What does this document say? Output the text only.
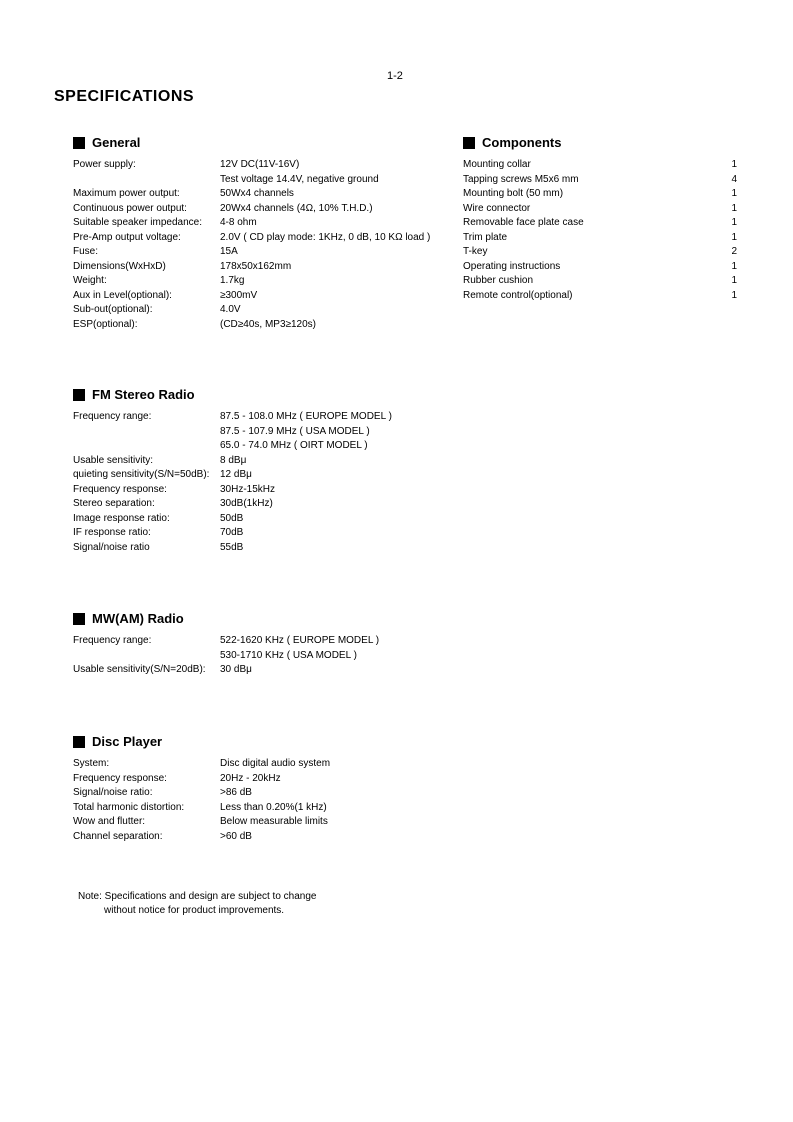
1-2
SPECIFICATIONS
General
Power supply:	12V DC(11V-16V)
Test voltage 14.4V, negative ground
Maximum power output:	50Wx4 channels
Continuous power output:	20Wx4 channels (4Ω, 10% T.H.D.)
Suitable speaker impedance: 4-8 ohm
Pre-Amp output voltage:	2.0V ( CD play mode: 1KHz, 0 dB, 10 KΩ load )
Fuse:	15A
Dimensions(WxHxD)	178x50x162mm
Weight:	1.7kg
Aux in Level(optional):	≥300mV
Sub-out(optional):	4.0V
ESP(optional):	(CD≥40s, MP3≥120s)
Components
Mounting collar	1
Tapping screws M5x6 mm	4
Mounting bolt (50 mm)	1
Wire connector	1
Removable face plate case	1
Trim plate	1
T-key	2
Operating instructions	1
Rubber cushion	1
Remote control(optional)	1
FM Stereo Radio
Frequency range:	87.5 - 108.0 MHz ( EUROPE MODEL )
87.5 - 107.9 MHz ( USA MODEL )
65.0 - 74.0 MHz ( OIRT MODEL )
Usable sensitivity:	8 dBμ
quieting sensitivity(S/N=50dB): 12 dBμ
Frequency response:	30Hz-15kHz
Stereo separation:	30dB(1kHz)
Image response ratio:	50dB
IF response ratio:	70dB
Signal/noise ratio	55dB
MW(AM) Radio
Frequency range:	522-1620 KHz ( EUROPE MODEL )
530-1710 KHz ( USA MODEL )
Usable sensitivity(S/N=20dB): 30 dBμ
Disc Player
System:	Disc digital audio system
Frequency response:	20Hz - 20kHz
Signal/noise ratio:	>86 dB
Total harmonic distortion:	Less than 0.20%(1 kHz)
Wow and flutter:	Below measurable limits
Channel separation:	>60 dB
Note: Specifications and design are subject to change
without notice for product improvements.
